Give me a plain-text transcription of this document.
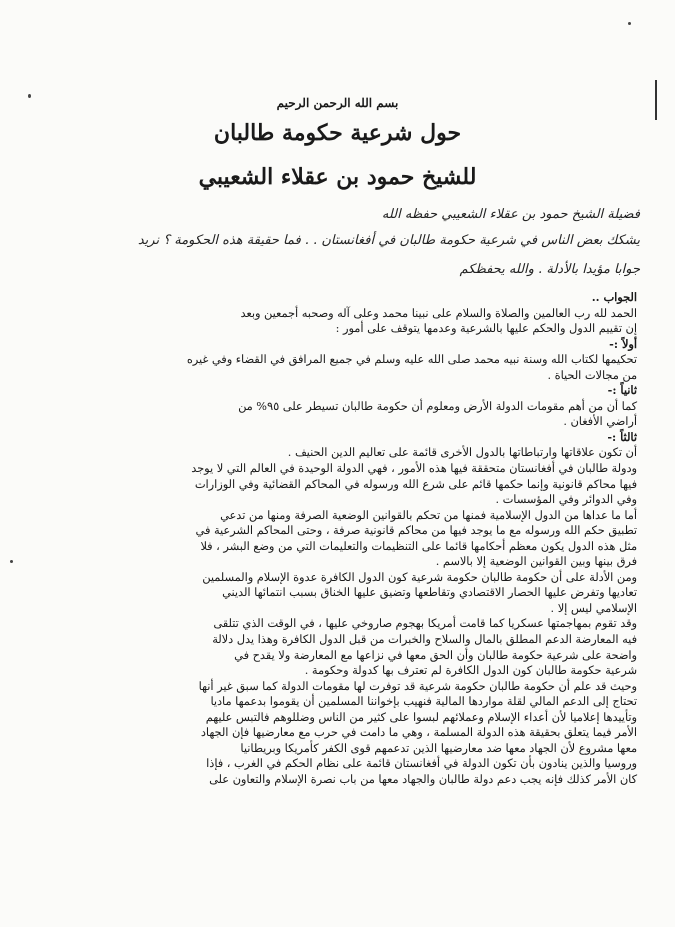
بسم الله الرحمن الرحيم
حول شرعية حكومة طالبان
للشيخ حمود بن عقلاء الشعيبي
فضيلة الشيخ حمود بن عقلاء الشعيبي حفظه الله
يشكك بعض الناس في شرعية حكومة طالبان في أفغانستان . . فما حقيقة هذه الحكومة ؟ نريد
جوابا مؤيدا بالأدلة . والله يحفظكم

الجواب ..

الحمد لله رب العالمين والصلاة والسلام على نبينا محمد وعلى آله وصحبه أجمعين وبعد

إن تقييم الدول والحكم عليها بالشرعية وعدمها يتوقف على أمور :

أولاً :-

تحكيمها لكتاب الله وسنة نبيه محمد صلى الله عليه وسلم في جميع المرافق في القضاء وفي غيره

من مجالات الحياة .

ثانياً :-

كما أن من أهم مقومات الدولة الأرض ومعلوم أن حكومة طالبان تسيطر على ٩٥% من

أراضي الأفغان .

ثالثاً :-

أن تكون علاقاتها وارتباطاتها بالدول الأخرى قائمة على تعاليم الدين الحنيف .

ودولة طالبان في أفغانستان متحققة فيها هذه الأمور ، فهي الدولة الوحيدة في العالم التي لا يوجد

فيها محاكم قانونية وإنما حكمها قائم على شرع الله ورسوله في المحاكم القضائية وفي الوزارات

وفي الدوائر وفي المؤسسات .

أما ما عداها من الدول الإسلامية فمنها من تحكم بالقوانين الوضعية الصرفة ومنها من تدعي

تطبيق حكم الله ورسوله مع ما يوجد فيها من محاكم قانونية صرفة ، وحتى المحاكم الشرعية في

مثل هذه الدول يكون معظم أحكامها قائما على التنظيمات والتعليمات التي من وضع البشر ، فلا

فرق بينها وبين القوانين الوضعية إلا بالاسم .

ومن الأدلة على أن حكومة طالبان حكومة شرعية كون الدول الكافرة عدوة الإسلام والمسلمين

تعاديها وتفرض عليها الحصار الاقتصادي وتقاطعها وتضيق عليها الخناق بسبب انتمائها الديني

الإسلامي ليس إلا .

وقد تقوم بمهاجمتها عسكريا كما قامت أمريكا بهجوم صاروخي عليها ، في الوقت الذي تتلقى

فيه المعارضة الدعم المطلق بالمال والسلاح والخبرات من قبل الدول الكافرة وهذا يدل دلالة

واضحة على شرعية حكومة طالبان وأن الحق معها في نزاعها مع المعارضة ولا يقدح في

شرعية حكومة طالبان كون الدول الكافرة لم تعترف بها كدولة وحكومة .

وحيث قد علم أن حكومة طالبان حكومة شرعية قد توفرت لها مقومات الدولة كما سبق غير أنها

تحتاج إلى الدعم المالي لقلة مواردها المالية فنهيب بإخواننا المسلمين أن يقوموا بدعمها ماديا

وتأييدها إعلاميا لأن أعداء الإسلام وعملائهم لبسوا على كثير من الناس وضللوهم فالتبس عليهم

الأمر فيما يتعلق بحقيقة هذه الدولة المسلمة ، وهي ما دامت في حرب مع معارضيها فإن الجهاد

معها مشروع لأن الجهاد معها ضد معارضيها الذين تدعمهم قوى الكفر كأمريكا وبريطانيا

وروسيا والذين ينادون بأن تكون الدولة في أفغانستان قائمة على نظام الحكم في الغرب ، فإذا

كان الأمر كذلك فإنه يجب دعم دولة طالبان والجهاد معها من باب نصرة الإسلام والتعاون على
